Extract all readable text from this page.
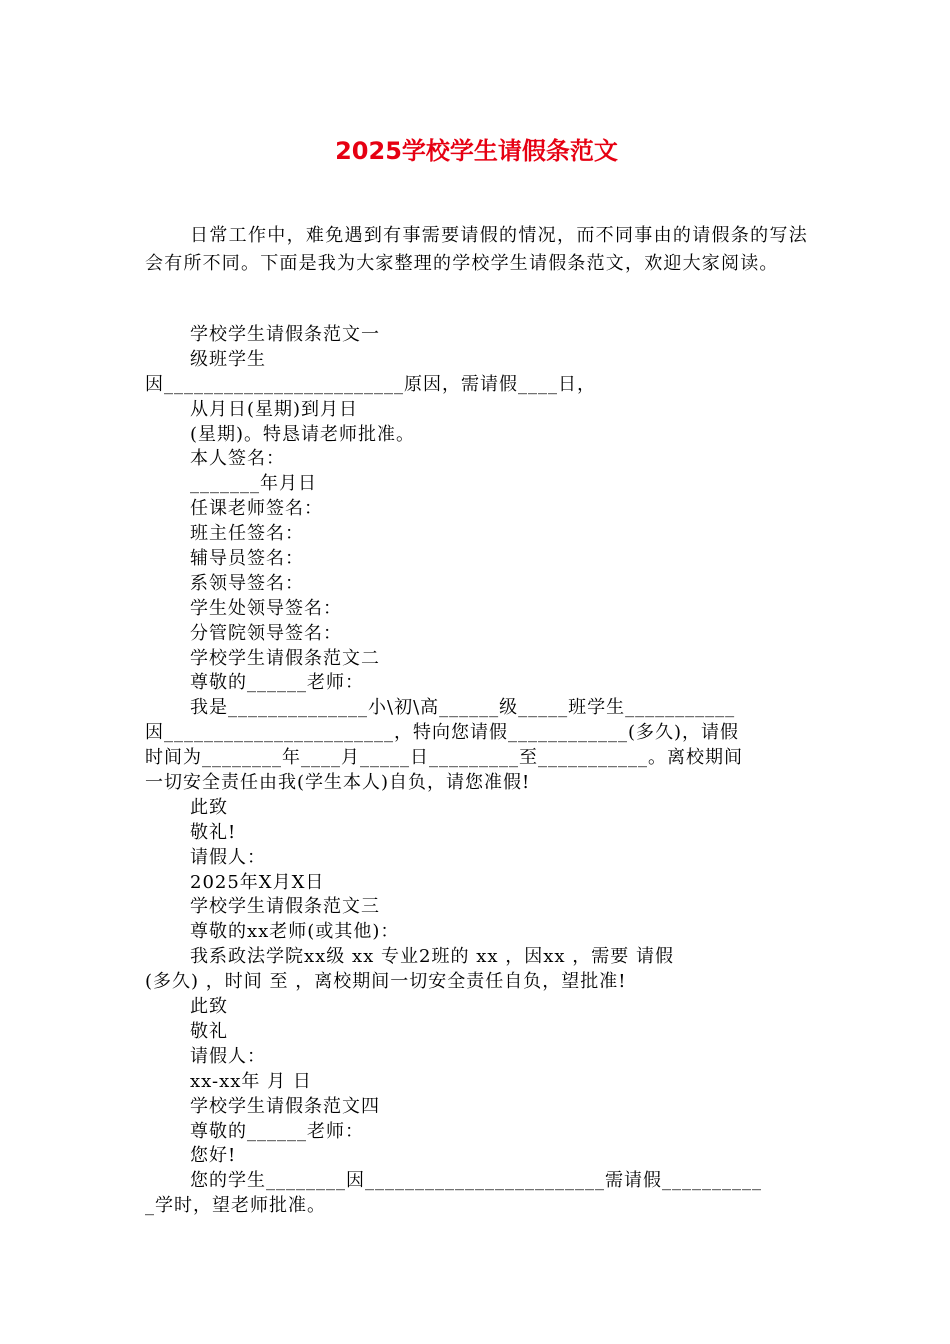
2025学校学生请假条范文
日常工作中，难免遇到有事需要请假的情况，而不同事由的请假条的写法会有所不同。下面是我为大家整理的学校学生请假条范文，欢迎大家阅读。
学校学生请假条范文一
级班学生
因________________________原因，需请假____日，
从月日(星期)到月日
(星期)。特恳请老师批准。
本人签名：
_______年月日
任课老师签名：
班主任签名：
辅导员签名：
系领导签名：
学生处领导签名：
分管院领导签名：
学校学生请假条范文二
尊敬的______老师：
我是______________小\初\高______级_____班学生___________
因_______________________，特向您请假____________(多久)，请假
时间为________年____月_____日_________至___________。离校期间
一切安全责任由我(学生本人)自负，请您准假!
此致
敬礼!
请假人：
2025年X月X日
学校学生请假条范文三
尊敬的xx老师(或其他)：
我系政法学院xx级 xx 专业2班的 xx ，因xx ，需要 请假
(多久) ，时间 至 ，离校期间一切安全责任自负，望批准!
此致
敬礼
请假人：
xx-xx年 月 日
学校学生请假条范文四
尊敬的______老师：
您好!
您的学生________因________________________需请假__________
_学时，望老师批准。
